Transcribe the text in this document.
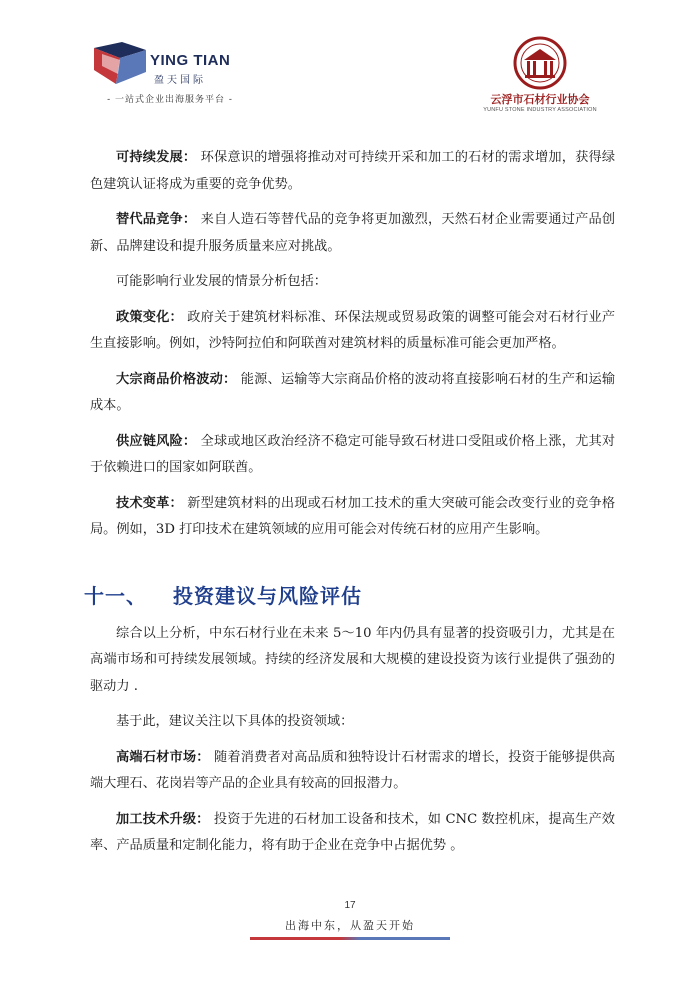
YING TIAN
盈天国际
- 一站式企业出海服务平台 -	云浮市石材行业协会
YUNFU STONE INDUSTRY ASSOCIATION

可持续发展： 环保意识的增强将推动对可持续开采和加工的石材的需求增加，获得绿色建筑认证将成为重要的竞争优势。

替代品竞争： 来自人造石等替代品的竞争将更加激烈，天然石材企业需要通过产品创新、品牌建设和提升服务质量来应对挑战。

可能影响行业发展的情景分析包括：

政策变化： 政府关于建筑材料标准、环保法规或贸易政策的调整可能会对石材行业产生直接影响。例如，沙特阿拉伯和阿联酋对建筑材料的质量标准可能会更加严格。

大宗商品价格波动： 能源、运输等大宗商品价格的波动将直接影响石材的生产和运输成本。

供应链风险： 全球或地区政治经济不稳定可能导致石材进口受阻或价格上涨，尤其对于依赖进口的国家如阿联酋。

技术变革： 新型建筑材料的出现或石材加工技术的重大突破可能会改变行业的竞争格局。例如，3D 打印技术在建筑领域的应用可能会对传统石材的应用产生影响。

十一、 投资建议与风险评估

综合以上分析，中东石材行业在未来 5～10 年内仍具有显著的投资吸引力，尤其是在高端市场和可持续发展领域。持续的经济发展和大规模的建设投资为该行业提供了强劲的驱动力 .

基于此，建议关注以下具体的投资领域：

高端石材市场： 随着消费者对高品质和独特设计石材需求的增长，投资于能够提供高端大理石、花岗岩等产品的企业具有较高的回报潜力。

加工技术升级： 投资于先进的石材加工设备和技术，如 CNC 数控机床，提高生产效率、产品质量和定制化能力，将有助于企业在竞争中占据优势 。

17
出海中东，从盈天开始
